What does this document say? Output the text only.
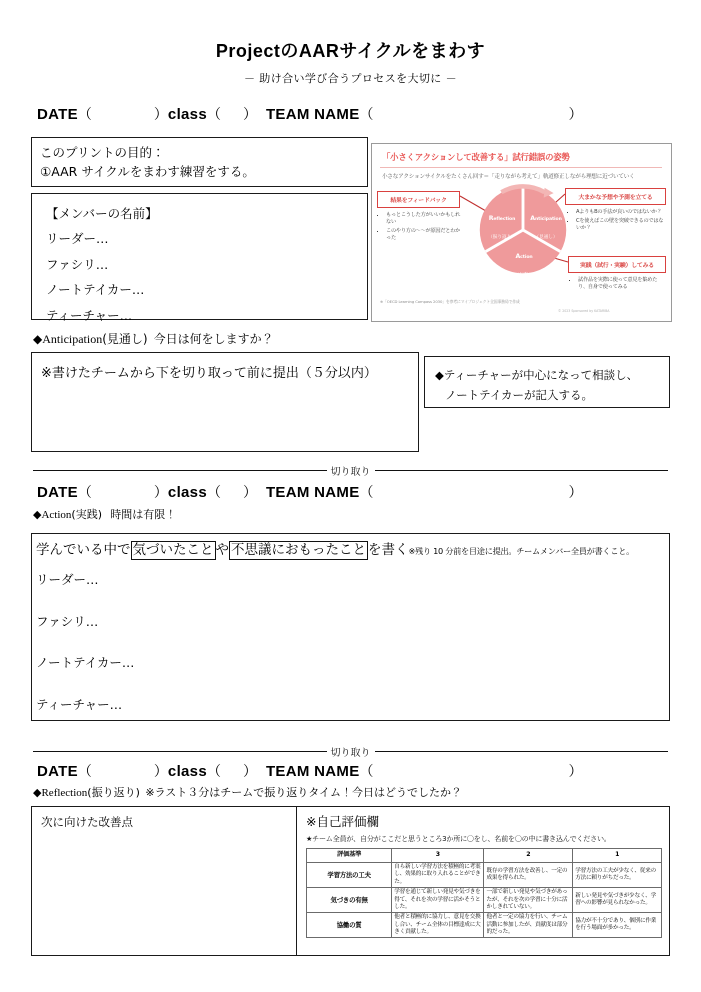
ProjectのAARサイクルをまわす
－ 助け合い学び合うプロセスを大切に －
DATE （	） class （ ） TEAM NAME （	）
このプリントの目的：
①AAR サイクルをまわす練習をする。
【メンバーの名前】
リーダー…
ファシリ…
ノートテイカー…
ティーチャー…
「小さくアクションして改善する」試行錯誤の姿勢
小さなアクションサイクルをたくさん回す＝「走りながら考えて」軌道修正しながら理想に近づいていく
Reflection
（振り返り）
Anticipation
（見通し）
Action
（行動）
結果をフィードバック
▪ もっとこうした方がいいかもしれない
▪ このやり方の〜〜が原因だとわかった
大まかな予想や予測を立てる
▪ AよりもBの手法が良いのではないか？
▪ Cを使えばこの壁を突破できるのではないか？
実践（試行・実験）してみる
▪ 試作品を実際に使って意見を集めたり、自身で使ってみる
※「OECD Learning Compass 2030」を参考にマイプロジェクト全国事務局で作成
© 2023 Sponsored by KATARIBA
◆Anticipation(見通し) 今日は何をしますか？
※書けたチームから下を切り取って前に提出（５分以内）	◆ティーチャーが中心になって相談し、
ノートテイカーが記入する。
切り取り
DATE （	） class （ ） TEAM NAME （	）
◆Action(実践) 時間は有限！
学んでいる中で 気づいたこと や 不思議におもったこと を書く※残り 10 分前を目途に提出。チームメンバー全員が書くこと。
リーダー…
ファシリ…
ノートテイカー…
ティーチャー…
切り取り
DATE （	） class （ ） TEAM NAME （	）
◆Reflection(振り返り) ※ラスト３分はチームで振り返りタイム！今日はどうでしたか？
次に向けた改善点	※自己評価欄
★チーム全員が、自分がここだと思うところ3か所に〇をし、名前を〇の中に書き込んでください。
評価基準	3	2	1
学習方法の工夫	自ら新しい学習方法を積極的に考案し、効果的に取り入れることができた。	既存の学習方法を改善し、一定の成果を得られた。	学習方法の工夫が少なく、従来の方法に頼りがちだった。
気づきの有無	学習を通じて新しい発見や気づきを得て、それを次の学習に活かそうとした。	一部で新しい発見や気づきがあったが、それを次の学習に十分に活かしきれていない。	新しい発見や気づきが少なく、学習への影響が見られなかった。
協働の質	他者と積極的に協力し、意見を交換し合い、チーム全体の目標達成に大きく貢献した。	他者と一定の協力を行い、チーム活動に参加したが、貢献度は部分的だった。	協力が不十分であり、個別に作業を行う場面が多かった。
